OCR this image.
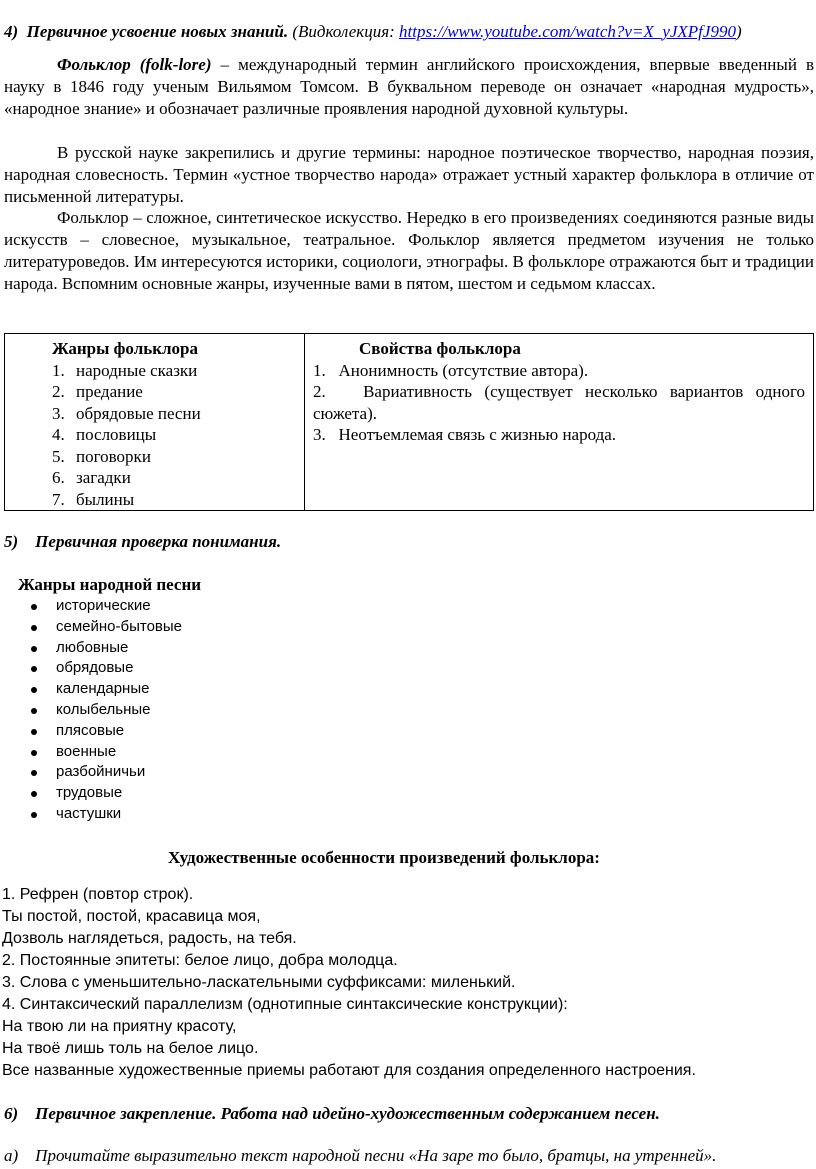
4) Первичное усвоение новых знаний. (Видколекция: https://www.youtube.com/watch?v=X_yJXPfJ990)
Фольклор (folk-lore) – международный термин английского происхождения, впервые введенный в науку в 1846 году ученым Вильямом Томсом. В буквальном переводе он означает «народная мудрость», «народное знание» и обозначает различные проявления народной духовной культуры.
В русской науке закрепились и другие термины: народное поэтическое творчество, народная поэзия, народная словесность. Термин «устное творчество народа» отражает устный характер фольклора в отличие от письменной литературы.
Фольклор – сложное, синтетическое искусство. Нередко в его произведениях соединяются разные виды искусств – словесное, музыкальное, театральное. Фольклор является предметом изучения не только литературоведов. Им интересуются историки, социологи, этнографы. В фольклоре отражаются быт и традиции народа. Вспомним основные жанры, изученные вами в пятом, шестом и седьмом классах.
Жанры фольклора
1. народные сказки
2. предание
3. обрядовые песни
4. пословицы
5. поговорки
6. загадки
7. былины

Свойства фольклора
1.   Анонимность (отсутствие автора).
2.   Вариативность (существует несколько вариантов одного сюжета).
3.   Неотъемлемая связь с жизнью народа.
5) Первичная проверка понимания.
Жанры народной песни
исторические
семейно-бытовые
любовные
обрядовые
календарные
колыбельные
плясовые
военные
разбойничьи
трудовые
частушки
Художественные особенности произведений фольклора:
1. Рефрен (повтор строк).
Ты постой, постой, красавица моя,
Дозволь наглядеться, радость, на тебя.
2. Постоянные эпитеты: белое лицо, добра молодца.
3. Слова с уменьшительно-ласкательными суффиксами: миленький.
4. Синтаксический параллелизм (однотипные синтаксические конструкции):
На твою ли на приятну красоту,
На твоё лишь толь на белое лицо.
Все названные художественные приемы работают для создания определенного настроения.
6) Первичное закрепление. Работа над идейно-художественным содержанием песен.
а) Прочитайте выразительно текст народной песни «На заре то было, братцы, на утренней».
